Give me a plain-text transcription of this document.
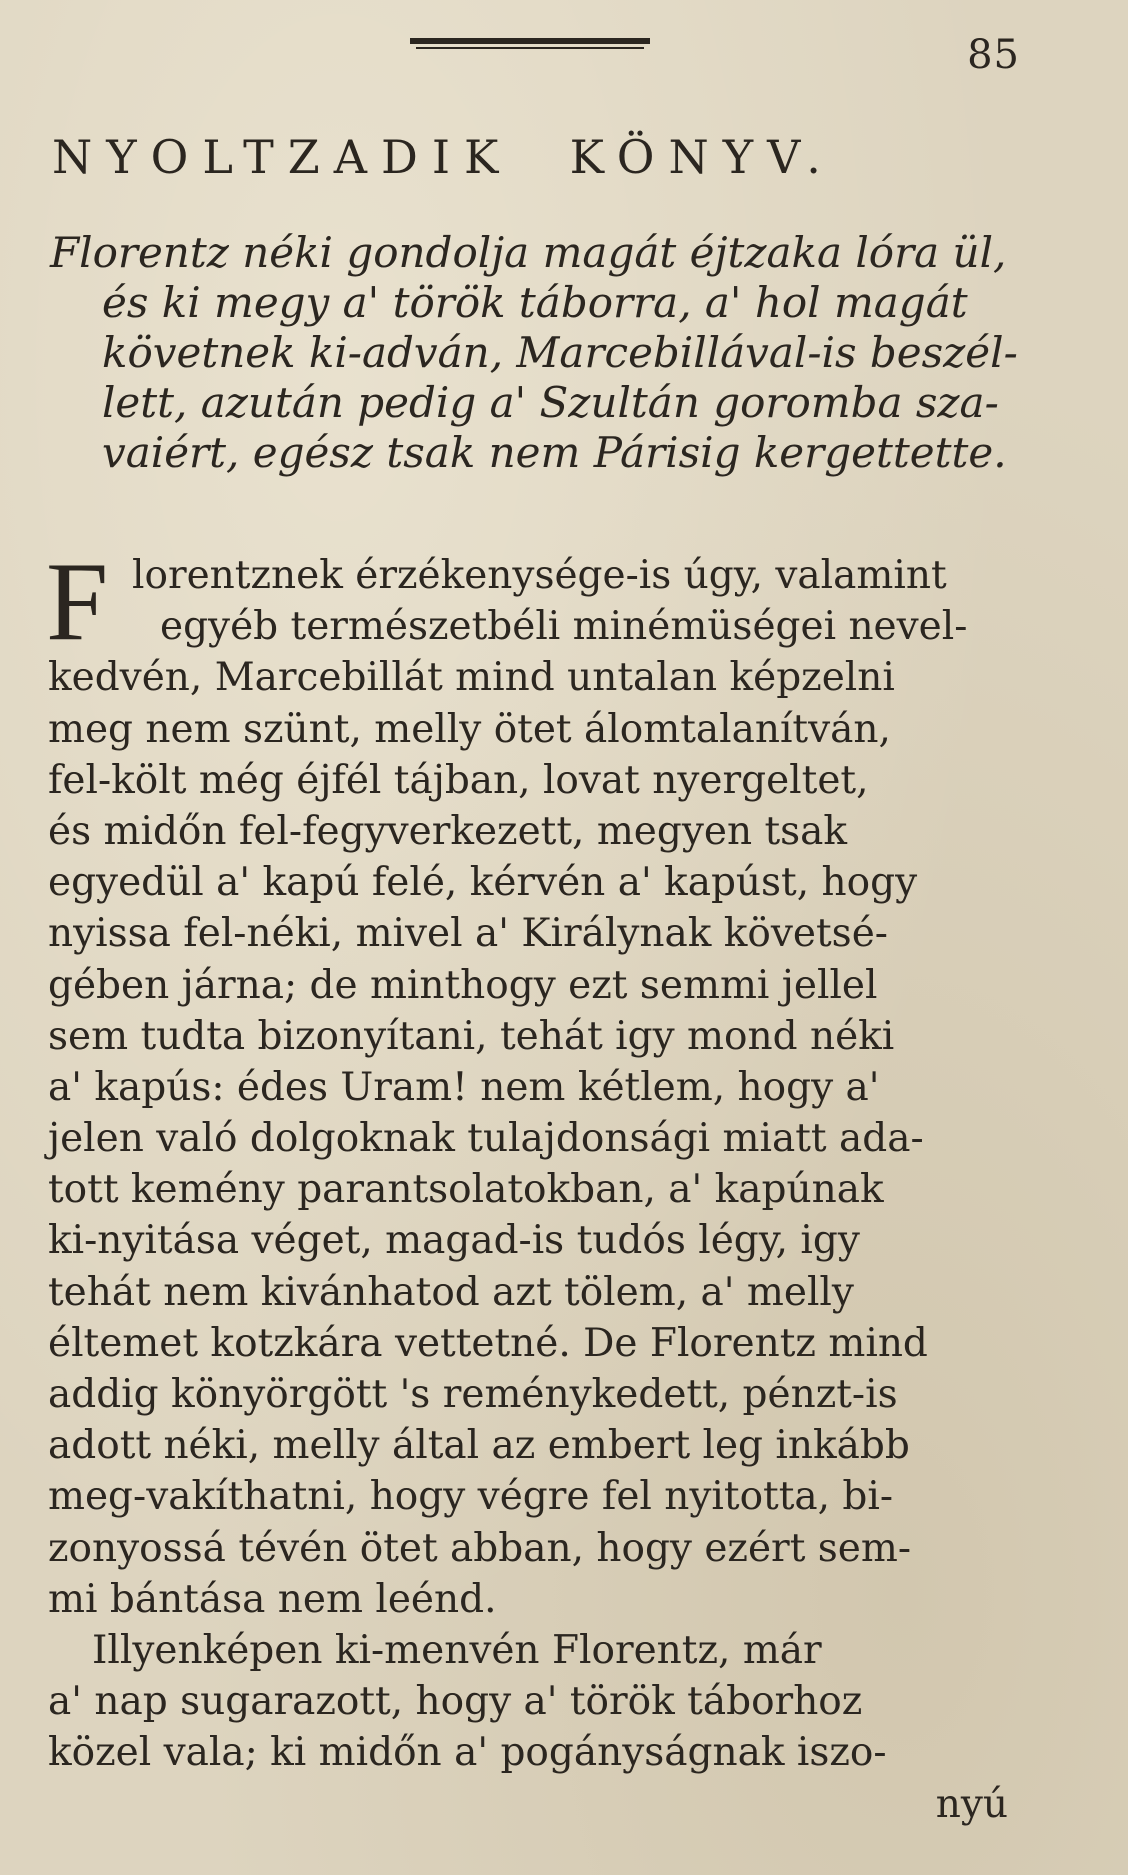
85
NYOLTZADIK  KÖNYV.
Florentz néki gondolja magát éjtzaka lóra ül,
és ki megy a' török táborra, a' hol magát
követnek ki-adván, Marcebillával-is beszél-
lett, azután pedig a' Szultán goromba sza-
vaiért, egész tsak nem Párisig kergettette.
F lorentznek érzékenysége-is úgy, valamint
egyéb természetbéli minémüségei nevel-
kedvén, Marcebillát mind untalan képzelni
meg nem szünt, melly ötet álomtalanítván,
fel-költ még éjfél tájban, lovat nyergeltet,
és midőn fel-fegyverkezett, megyen tsak
egyedül a' kapú felé, kérvén a' kapúst, hogy
nyissa fel-néki, mivel a' Királynak követsé-
gében járna; de minthogy ezt semmi jellel
sem tudta bizonyítani, tehát igy mond néki
a' kapús: édes Uram! nem kétlem, hogy a'
jelen való dolgoknak tulajdonsági miatt ada-
tott kemény parantsolatokban, a' kapúnak
ki-nyitása véget, magad-is tudós légy, igy
tehát nem kivánhatod azt tölem, a' melly
éltemet kotzkára vettetné. De Florentz mind
addig könyörgött 's reménykedett, pénzt-is
adott néki, melly által az embert leg inkább
meg-vakíthatni, hogy végre fel nyitotta, bi-
zonyossá tévén ötet abban, hogy ezért sem-
mi bántása nem leénd.
Illyenképen ki-menvén Florentz, már
a' nap sugarazott, hogy a' török táborhoz
közel vala; ki midőn a' pogányságnak iszo-
nyú
